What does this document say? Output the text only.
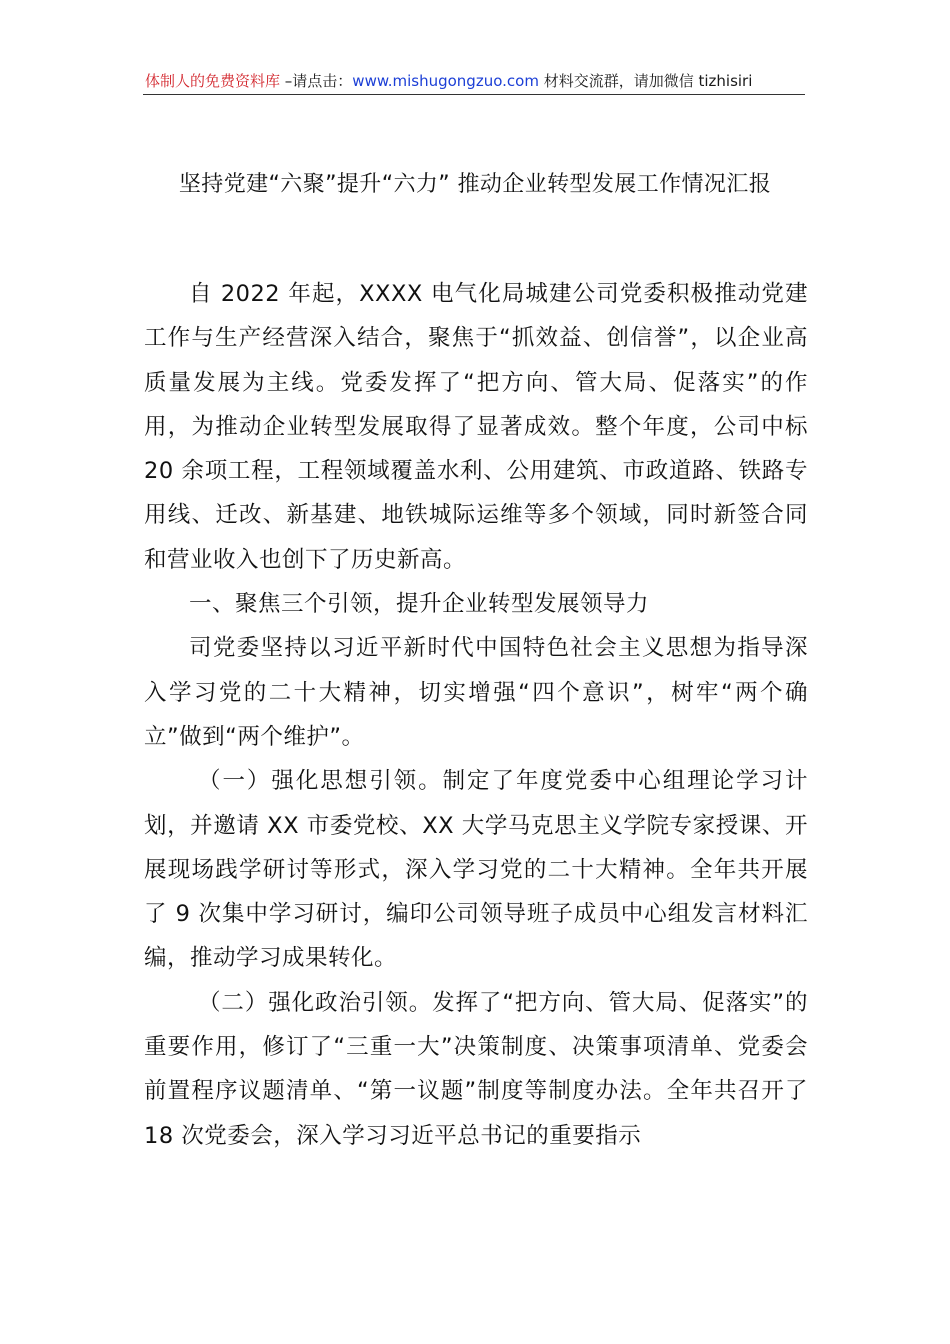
体制人的免费资料库 –请点击：www.mishugongzuo.com 材料交流群，请加微信 tizhisiri
坚持党建“六聚”提升“六力” 推动企业转型发展工作情况汇报

自 2022 年起，XXXX 电气化局城建公司党委积极推动党建工作与生产经营深入结合，聚焦于“抓效益、创信誉”，以企业高质量发展为主线。党委发挥了“把方向、管大局、促落实”的作用，为推动企业转型发展取得了显著成效。整个年度，公司中标 20 余项工程，工程领域覆盖水利、公用建筑、市政道路、铁路专用线、迁改、新基建、地铁城际运维等多个领域，同时新签合同和营业收入也创下了历史新高。

一、聚焦三个引领，提升企业转型发展领导力

司党委坚持以习近平新时代中国特色社会主义思想为指导深入学习党的二十大精神，切实增强“四个意识”，树牢“两个确立”做到“两个维护”。

（一）强化思想引领。制定了年度党委中心组理论学习计划，并邀请 XX 市委党校、XX 大学马克思主义学院专家授课、开展现场践学研讨等形式，深入学习党的二十大精神。全年共开展了 9 次集中学习研讨，编印公司领导班子成员中心组发言材料汇编，推动学习成果转化。

（二）强化政治引领。发挥了“把方向、管大局、促落实”的重要作用，修订了“三重一大”决策制度、决策事项清单、党委会前置程序议题清单、“第一议题”制度等制度办法。全年共召开了 18 次党委会，深入学习习近平总书记的重要指示
